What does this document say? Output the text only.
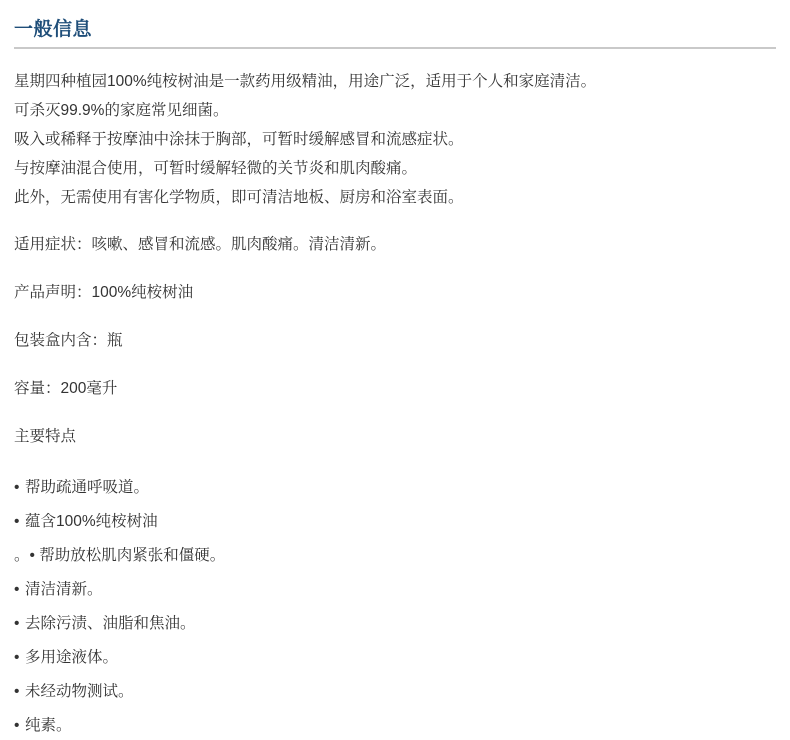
一般信息
星期四种植园100%纯桉树油是一款药用级精油，用途广泛，适用于个人和家庭清洁。
可杀灭99.9%的家庭常见细菌。
吸入或稀释于按摩油中涂抹于胸部，可暂时缓解感冒和流感症状。
与按摩油混合使用，可暂时缓解轻微的关节炎和肌肉酸痛。
此外，无需使用有害化学物质，即可清洁地板、厨房和浴室表面。

适用症状：咳嗽、感冒和流感。肌肉酸痛。清洁清新。

产品声明：100%纯桉树油

包装盒内含：瓶

容量：200毫升

主要特点

• 帮助疏通呼吸道。
• 蕴含100%纯桉树油
。• 帮助放松肌肉紧张和僵硬。
• 清洁清新。
• 去除污渍、油脂和焦油。
• 多用途液体。
• 未经动物测试。
• 纯素。
